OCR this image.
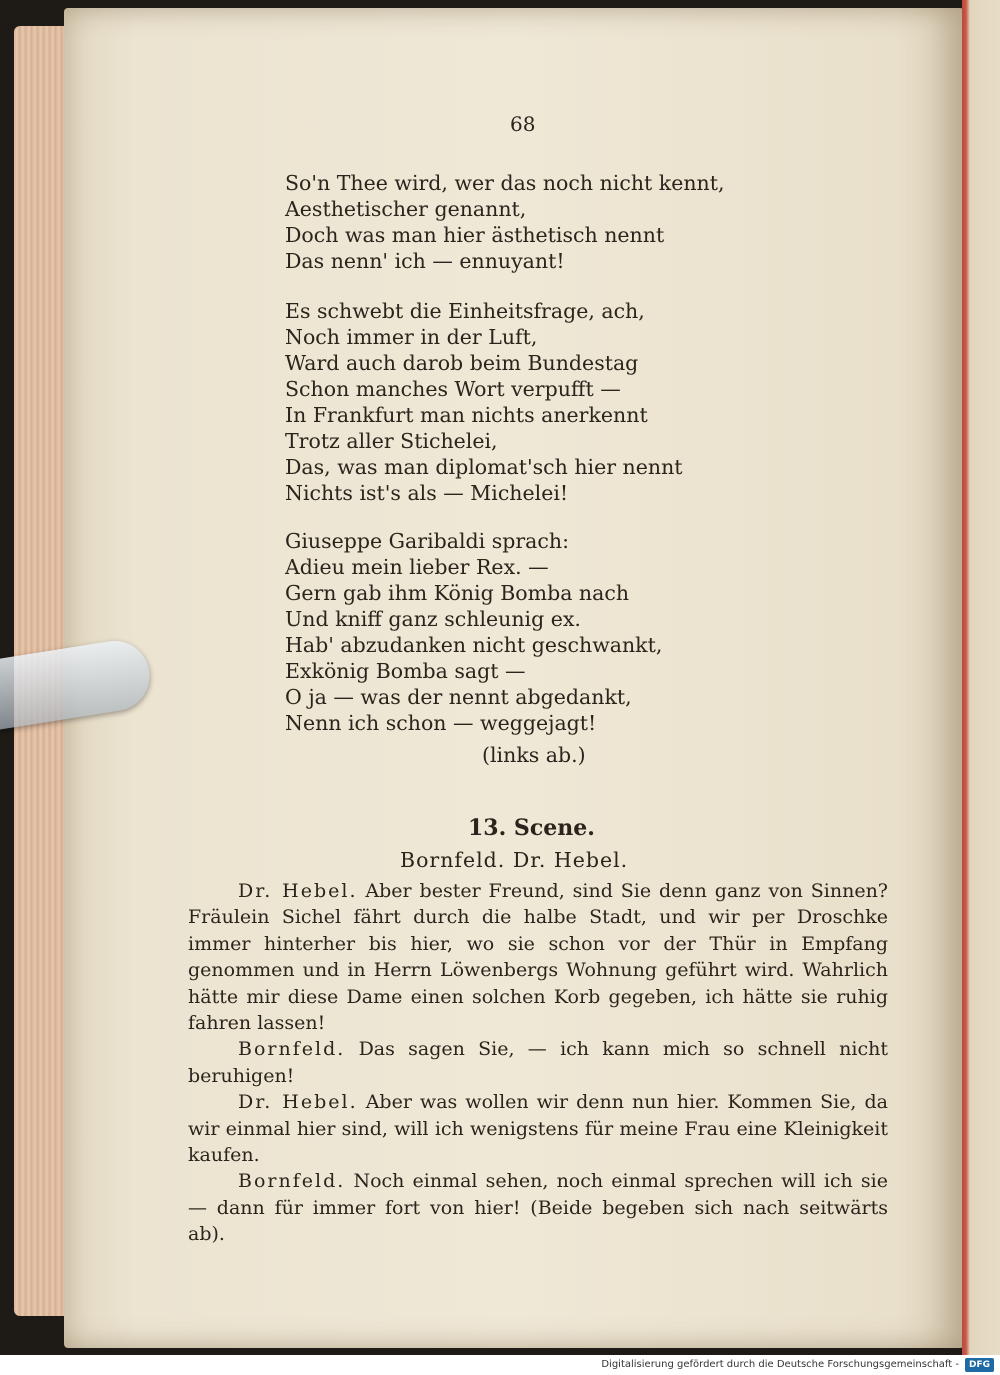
68
So'n Thee wird, wer das noch nicht kennt,
Aesthetischer genannt,
Doch was man hier ästhetisch nennt
Das nenn' ich — ennuyant!
Es schwebt die Einheitsfrage, ach,
Noch immer in der Luft,
Ward auch darob beim Bundestag
Schon manches Wort verpufft —
In Frankfurt man nichts anerkennt
Trotz aller Stichelei,
Das, was man diplomat'sch hier nennt
Nichts ist's als — Michelei!
Giuseppe Garibaldi sprach:
Adieu mein lieber Rex. —
Gern gab ihm König Bomba nach
Und kniff ganz schleunig ex.
Hab' abzudanken nicht geschwankt,
Exkönig Bomba sagt —
O ja — was der nennt abgedankt,
Nenn ich schon — weggejagt!
(links ab.)
13. Scene.
Bornfeld. Dr. Hebel.

Dr. Hebel. Aber bester Freund, sind Sie denn ganz von Sinnen? Fräulein Sichel fährt durch die halbe Stadt, und wir per Droschke immer hinterher bis hier, wo sie schon vor der Thür in Empfang genommen und in Herrn Löwenbergs Wohnung geführt wird. Wahrlich hätte mir diese Dame einen solchen Korb gegeben, ich hätte sie ruhig fahren lassen!

Bornfeld. Das sagen Sie, — ich kann mich so schnell nicht beruhigen!

Dr. Hebel. Aber was wollen wir denn nun hier. Kommen Sie, da wir einmal hier sind, will ich wenigstens für meine Frau eine Kleinigkeit kaufen.

Bornfeld. Noch einmal sehen, noch einmal sprechen will ich sie — dann für immer fort von hier! (Beide begeben sich nach seitwärts ab).

Digitalisierung gefördert durch die Deutsche Forschungsgemeinschaft - DFG
